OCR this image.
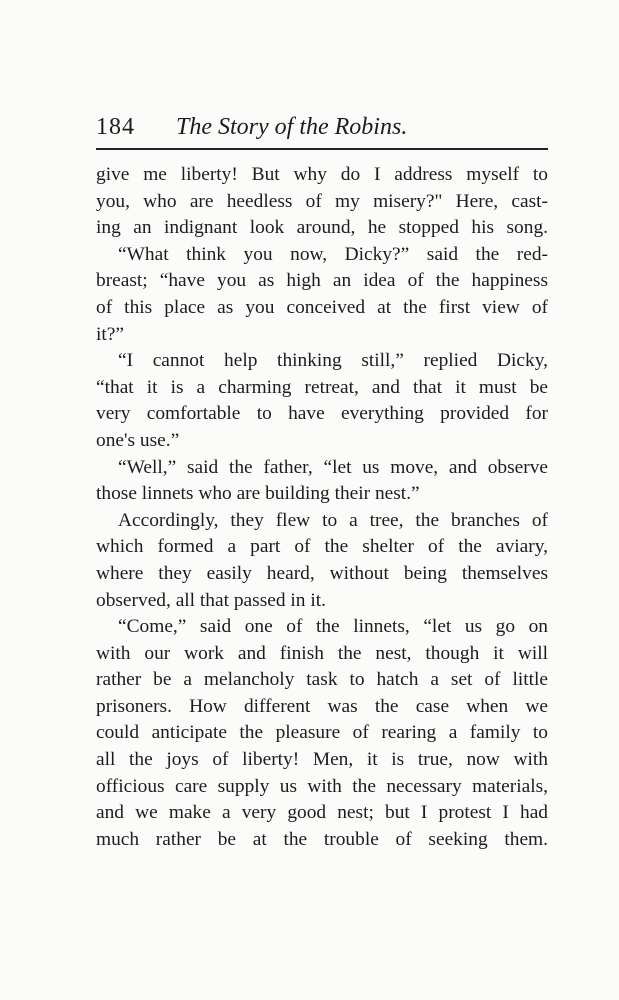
184 The Story of the Robins.
give me liberty! But why do I address myself to
you, who are heedless of my misery?" Here, cast-
ing an indignant look around, he stopped his song.
“What think you now, Dicky?” said the red-
breast; “have you as high an idea of the happiness
of this place as you conceived at the first view of
it?”
“I cannot help thinking still,” replied Dicky,
“that it is a charming retreat, and that it must be
very comfortable to have everything provided for
one's use.”
“Well,” said the father, “let us move, and observe
those linnets who are building their nest.”
Accordingly, they flew to a tree, the branches of
which formed a part of the shelter of the aviary,
where they easily heard, without being themselves
observed, all that passed in it.
“Come,” said one of the linnets, “let us go on
with our work and finish the nest, though it will
rather be a melancholy task to hatch a set of little
prisoners. How different was the case when we
could anticipate the pleasure of rearing a family to
all the joys of liberty! Men, it is true, now with
officious care supply us with the necessary materials,
and we make a very good nest; but I protest I had
much rather be at the trouble of seeking them.
